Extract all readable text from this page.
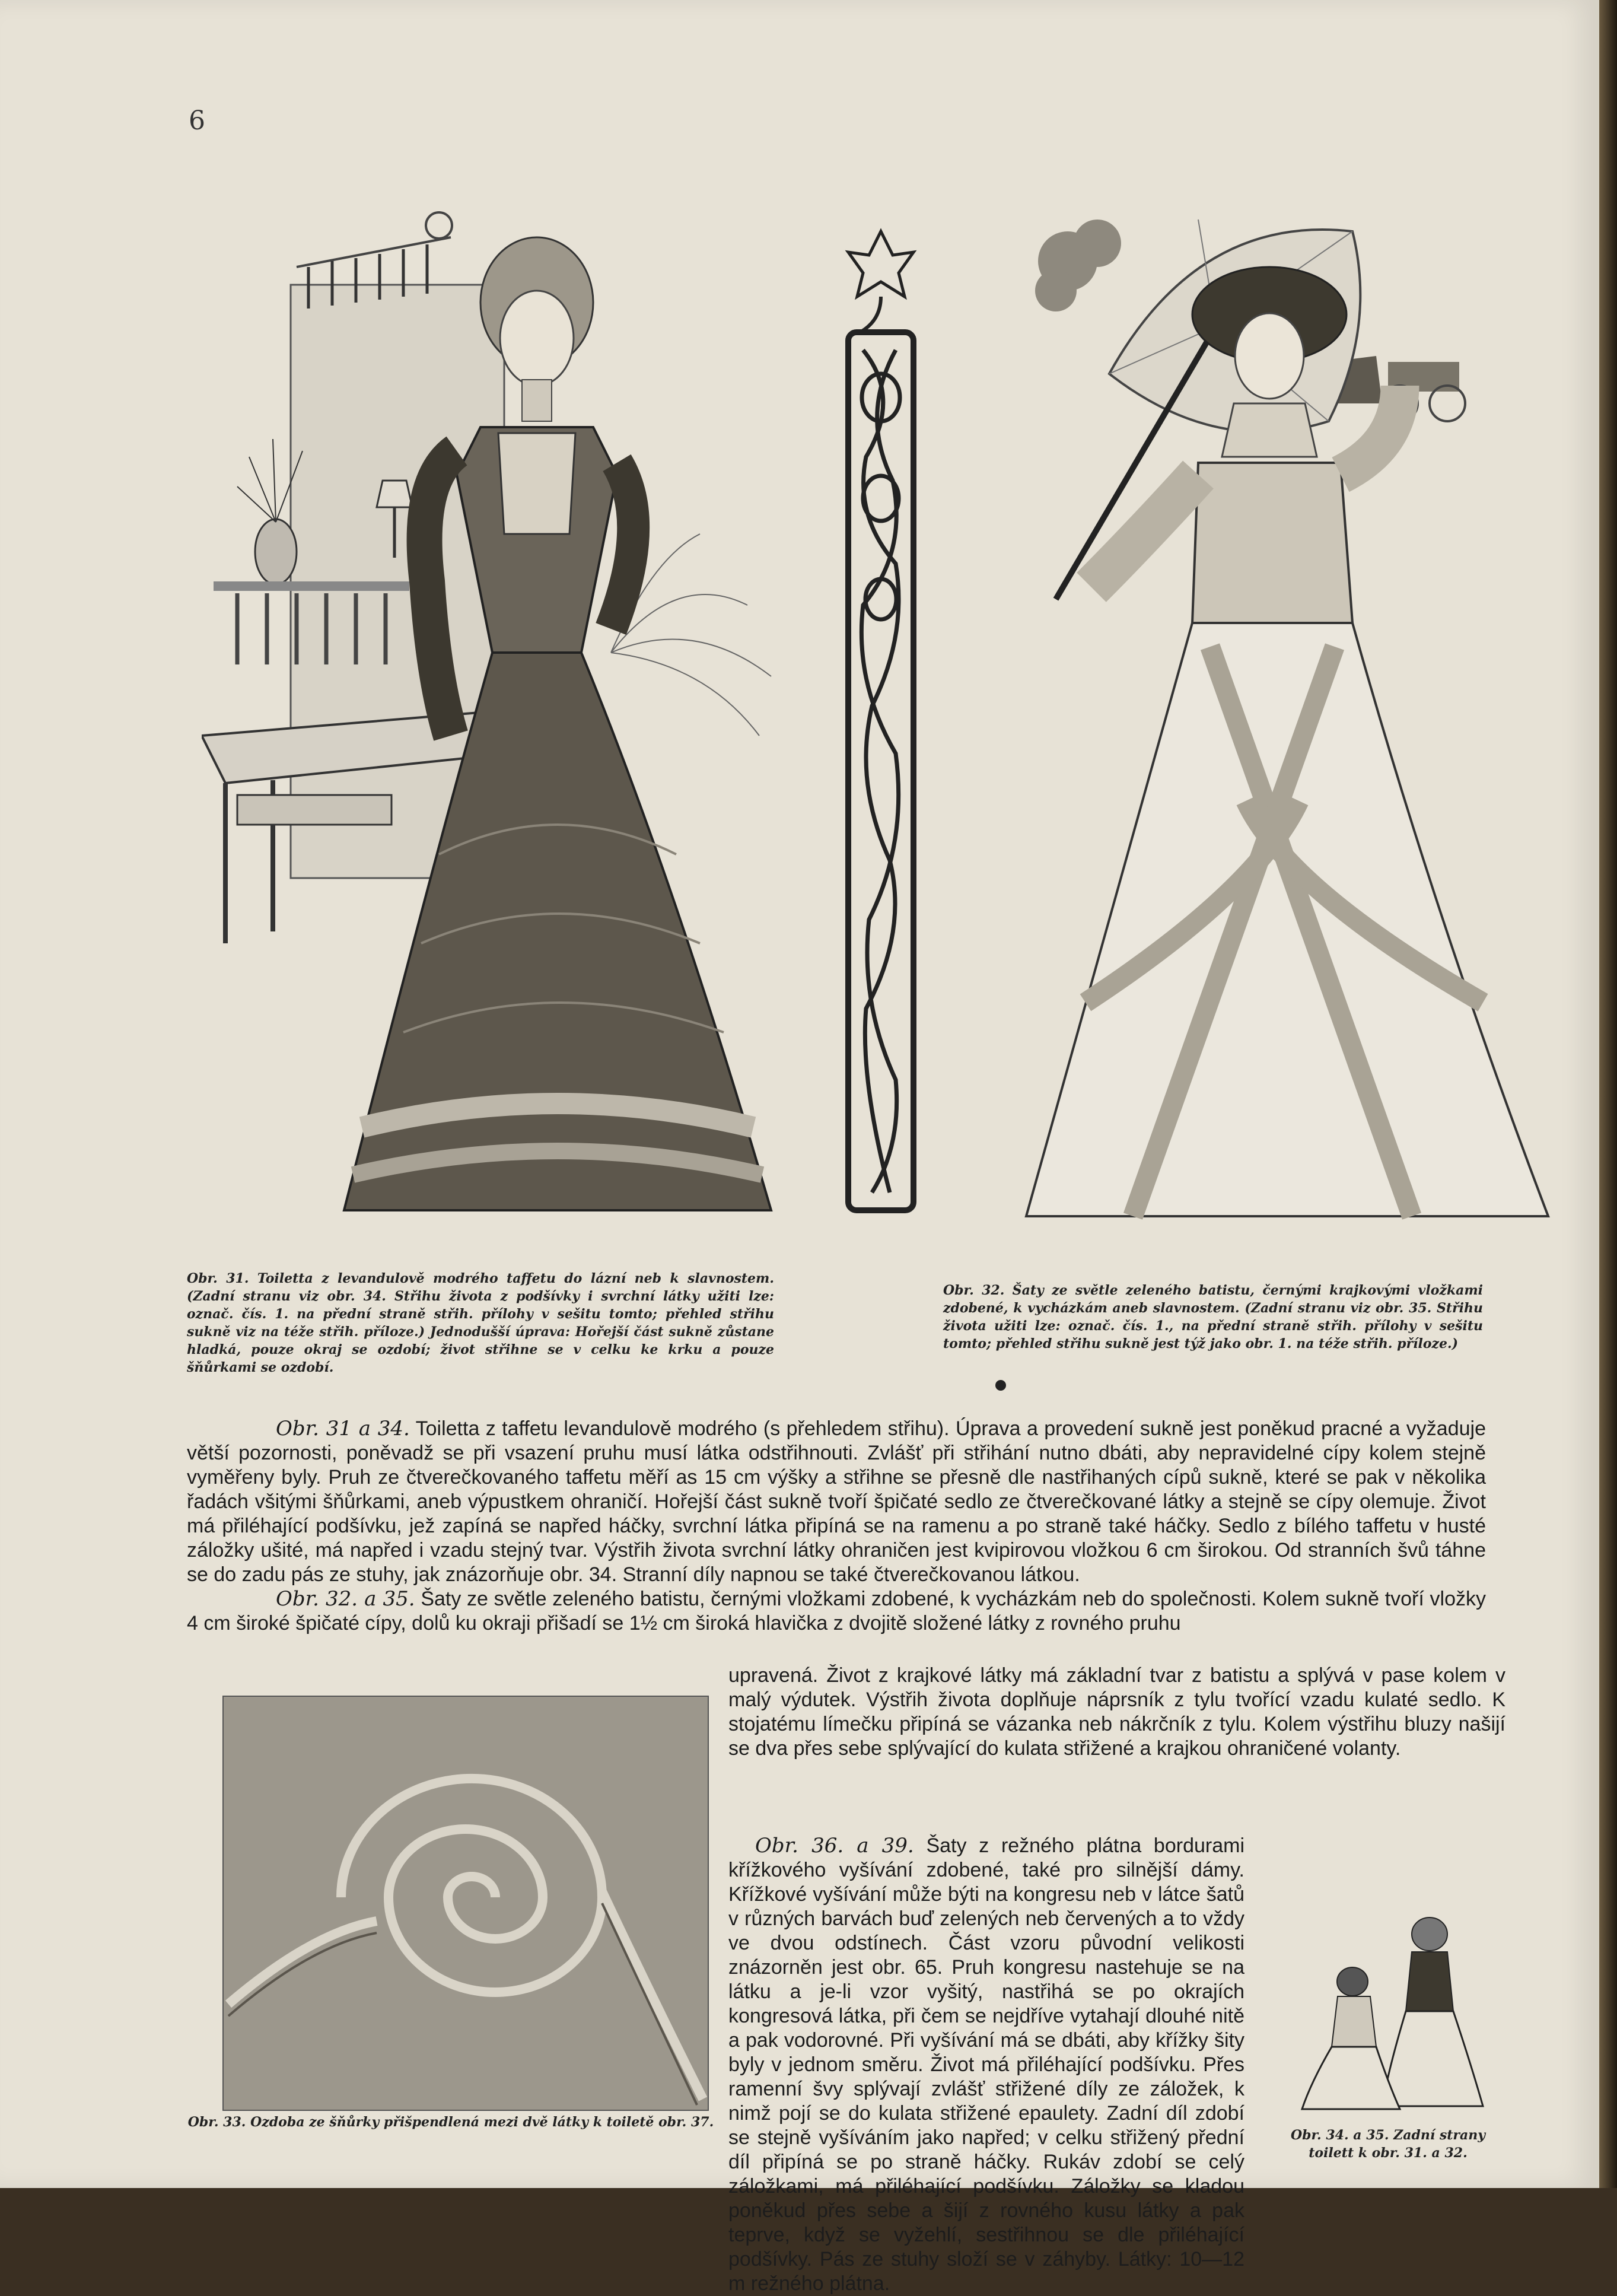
6
Obr. 31. Toiletta z levandulově modrého taffetu do lázní neb k slavnostem. (Zadní stranu viz obr. 34. Střihu života z podšívky i svrchní látky užiti lze: označ. čís. 1. na přední straně střih. přílohy v sešitu tomto; přehled střihu sukně viz na téže střih. příloze.) Jednodušší úprava: Hořejší část sukně zůstane hladká, pouze okraj se ozdobí; život střihne se v celku ke krku a pouze šňůrkami se ozdobí.
Obr. 32. Šaty ze světle zeleného batistu, černými krajkovými vložkami zdobené, k vycházkám aneb slavnostem. (Zadní stranu viz obr. 35. Střihu života užiti lze: označ. čís. 1., na přední straně střih. přílohy v sešitu tomto; přehled střihu sukně jest týž jako obr. 1. na téže střih. příloze.)

Obr. 31 a 34. Toiletta z taffetu levandulově modrého (s přehledem střihu). Úprava a provedení sukně jest poněkud pracné a vyžaduje větší pozornosti, poněvadž se při vsazení pruhu musí látka odstřihnouti. Zvlášť při střihání nutno dbáti, aby nepravidelné cípy kolem stejně vyměřeny byly. Pruh ze čtverečkovaného taffetu měří as 15 cm výšky a střihne se přesně dle nastřihaných cípů sukně, které se pak v několika řadách všitými šňůrkami, aneb výpustkem ohraničí. Hořejší část sukně tvoří špičaté sedlo ze čtverečkované látky a stejně se cípy olemuje. Život má přiléhající podšívku, jež zapíná se napřed háčky, svrchní látka připíná se na ramenu a po straně také háčky. Sedlo z bílého taffetu v husté záložky ušité, má napřed i vzadu stejný tvar. Výstřih života svrchní látky ohraničen jest kvipirovou vložkou 6 cm širokou. Od stranních švů táhne se do zadu pás ze stuhy, jak znázorňuje obr. 34. Stranní díly napnou se také čtverečkovanou látkou.

Obr. 32. a 35. Šaty ze světle zeleného batistu, černými vložkami zdobené, k vycházkám neb do společnosti. Kolem sukně tvoří vložky 4 cm široké špičaté cípy, dolů ku okraji přišadí se 1½ cm široká hlavička z dvojitě složené látky z rovného pruhu

Obr. 33. Ozdoba ze šňůrky přišpendlená mezi dvě látky k toiletě obr. 37.

upravená. Život z krajkové látky má základní tvar z batistu a splývá v pase kolem v malý výdutek. Výstřih života doplňuje náprsník z tylu tvořící vzadu kulaté sedlo. K stojatému límečku připíná se vázanka neb nákrčník z tylu. Kolem výstřihu bluzy našijí se dva přes sebe splývající do kulata střižené a krajkou ohraničené volanty.

Obr. 36. a 39. Šaty z režného plátna bordurami křížkového vyšívání zdobené, také pro silnější dámy. Křížkové vyšívání může býti na kongresu neb v látce šatů v různých barvách buď zelených neb červených a to vždy ve dvou odstínech. Část vzoru původní velikosti znázorněn jest obr. 65. Pruh kongresu nastehuje se na látku a je-li vzor vyšitý, nastřihá se po okrajích kongresová látka, při čem se nejdříve vytahají dlouhé nitě a pak vodorovné. Při vyšívání má se dbáti, aby křížky šity byly v jednom směru. Život má přiléhající podšívku. Přes ramenní švy splývají zvlášť střižené díly ze záložek, k nimž pojí se do kulata střižené epaulety. Zadní díl zdobí se stejně vyšíváním jako napřed; v celku střižený přední díl připíná se po straně háčky. Rukáv zdobí se celý záložkami, má přiléhající podšívku. Záložky se kladou poněkud přes sebe a šijí z rovného kusu látky a pak teprve, když se vyžehlí, sestřihnou se dle přiléhající podšívky. Pás ze stuhy složí se v záhyby. Látky: 10—12 m režného plátna.

Obr. 34. a 35. Zadní strany toilett k obr. 31. a 32.
